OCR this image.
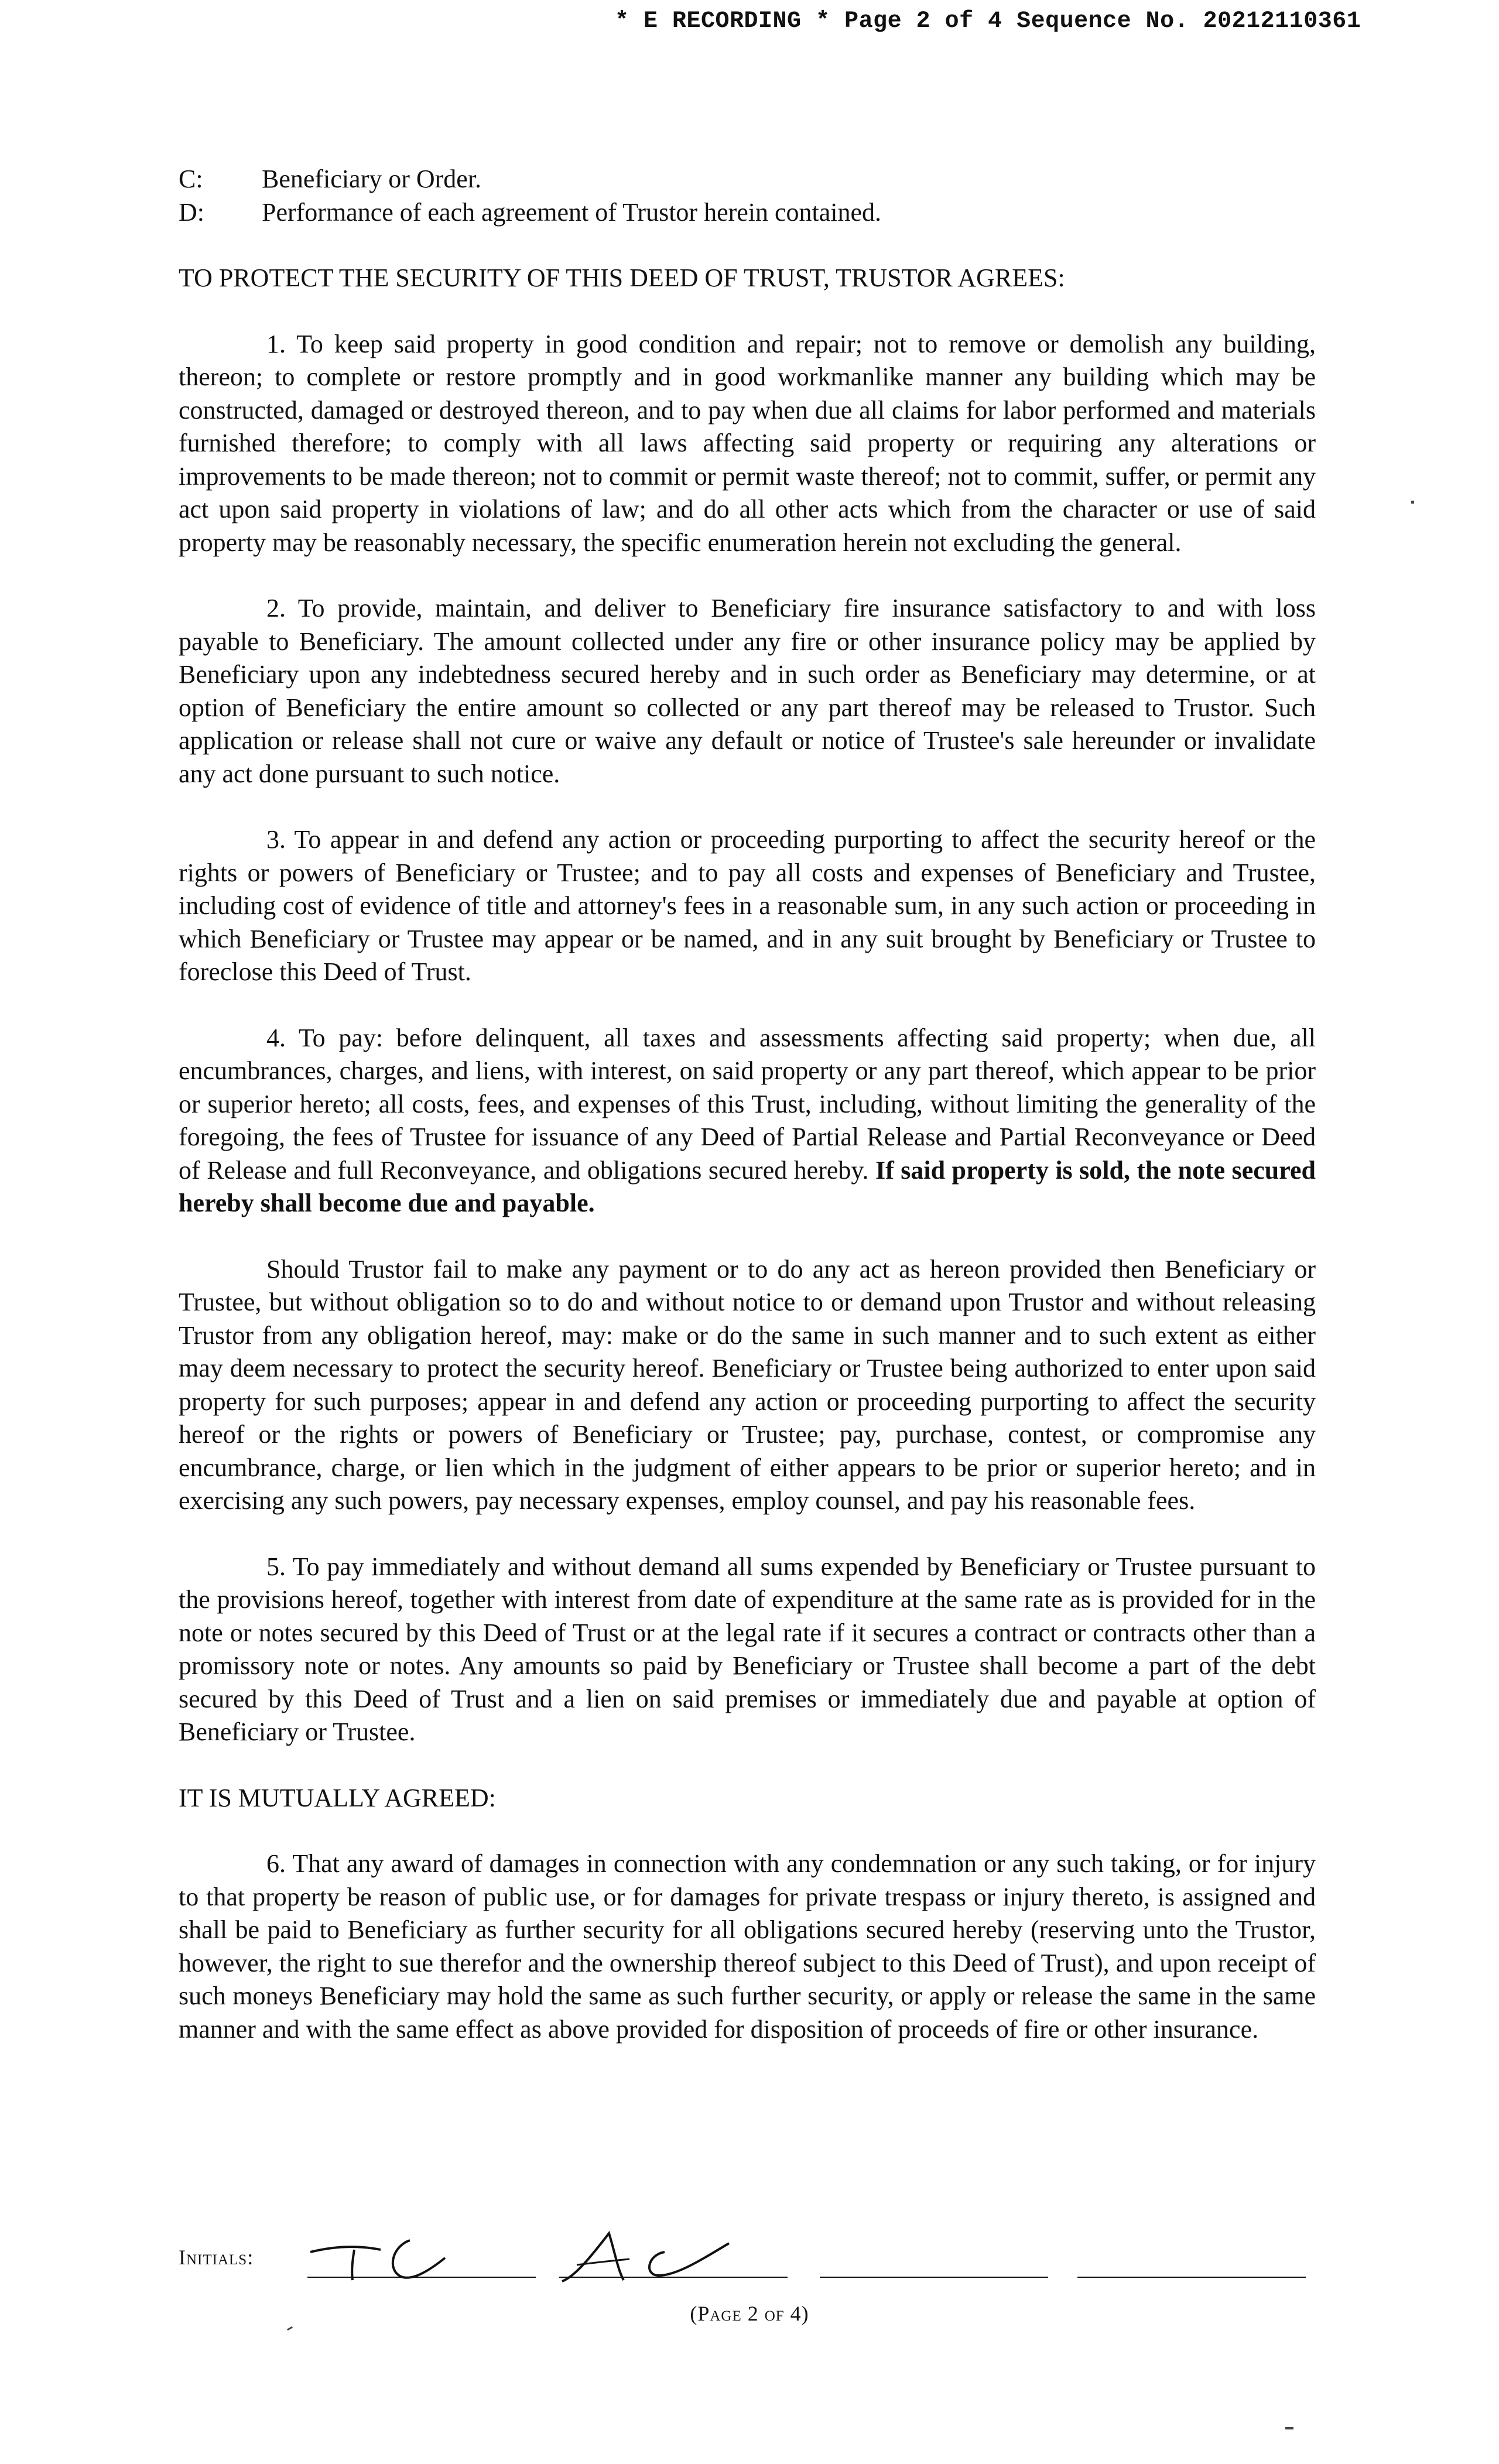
* E RECORDING * Page 2 of 4 Sequence No. 20212110361
C:	Beneficiary or Order.
D:	Performance of each agreement of Trustor herein contained.
TO PROTECT THE SECURITY OF THIS DEED OF TRUST, TRUSTOR AGREES:

1. To keep said property in good condition and repair; not to remove or demolish any building, thereon; to complete or restore promptly and in good workmanlike manner any building which may be constructed, damaged or destroyed thereon, and to pay when due all claims for labor performed and materials furnished therefore; to comply with all laws affecting said property or requiring any alterations or improvements to be made thereon; not to commit or permit waste thereof; not to commit, suffer, or permit any act upon said property in violations of law; and do all other acts which from the character or use of said property may be reasonably necessary, the specific enumeration herein not excluding the general.

2. To provide, maintain, and deliver to Beneficiary fire insurance satisfactory to and with loss payable to Beneficiary. The amount collected under any fire or other insurance policy may be applied by Beneficiary upon any indebtedness secured hereby and in such order as Beneficiary may determine, or at option of Beneficiary the entire amount so collected or any part thereof may be released to Trustor. Such application or release shall not cure or waive any default or notice of Trustee's sale hereunder or invalidate any act done pursuant to such notice.

3. To appear in and defend any action or proceeding purporting to affect the security hereof or the rights or powers of Beneficiary or Trustee; and to pay all costs and expenses of Beneficiary and Trustee, including cost of evidence of title and attorney's fees in a reasonable sum, in any such action or proceeding in which Beneficiary or Trustee may appear or be named, and in any suit brought by Beneficiary or Trustee to foreclose this Deed of Trust.

4. To pay: before delinquent, all taxes and assessments affecting said property; when due, all encumbrances, charges, and liens, with interest, on said property or any part thereof, which appear to be prior or superior hereto; all costs, fees, and expenses of this Trust, including, without limiting the generality of the foregoing, the fees of Trustee for issuance of any Deed of Partial Release and Partial Reconveyance or Deed of Release and full Reconveyance, and obligations secured hereby. If said property is sold, the note secured hereby shall become due and payable.

Should Trustor fail to make any payment or to do any act as hereon provided then Beneficiary or Trustee, but without obligation so to do and without notice to or demand upon Trustor and without releasing Trustor from any obligation hereof, may: make or do the same in such manner and to such extent as either may deem necessary to protect the security hereof. Beneficiary or Trustee being authorized to enter upon said property for such purposes; appear in and defend any action or proceeding purporting to affect the security hereof or the rights or powers of Beneficiary or Trustee; pay, purchase, contest, or compromise any encumbrance, charge, or lien which in the judgment of either appears to be prior or superior hereto; and in exercising any such powers, pay necessary expenses, employ counsel, and pay his reasonable fees.

5. To pay immediately and without demand all sums expended by Beneficiary or Trustee pursuant to the provisions hereof, together with interest from date of expenditure at the same rate as is provided for in the note or notes secured by this Deed of Trust or at the legal rate if it secures a contract or contracts other than a promissory note or notes. Any amounts so paid by Beneficiary or Trustee shall become a part of the debt secured by this Deed of Trust and a lien on said premises or immediately due and payable at option of Beneficiary or Trustee.

IT IS MUTUALLY AGREED:

6. That any award of damages in connection with any condemnation or any such taking, or for injury to that property be reason of public use, or for damages for private trespass or injury thereto, is assigned and shall be paid to Beneficiary as further security for all obligations secured hereby (reserving unto the Trustor, however, the right to sue therefor and the ownership thereof subject to this Deed of Trust), and upon receipt of such moneys Beneficiary may hold the same as such further security, or apply or release the same in the same manner and with the same effect as above provided for disposition of proceeds of fire or other insurance.

Initials:
(Page 2 of 4)
